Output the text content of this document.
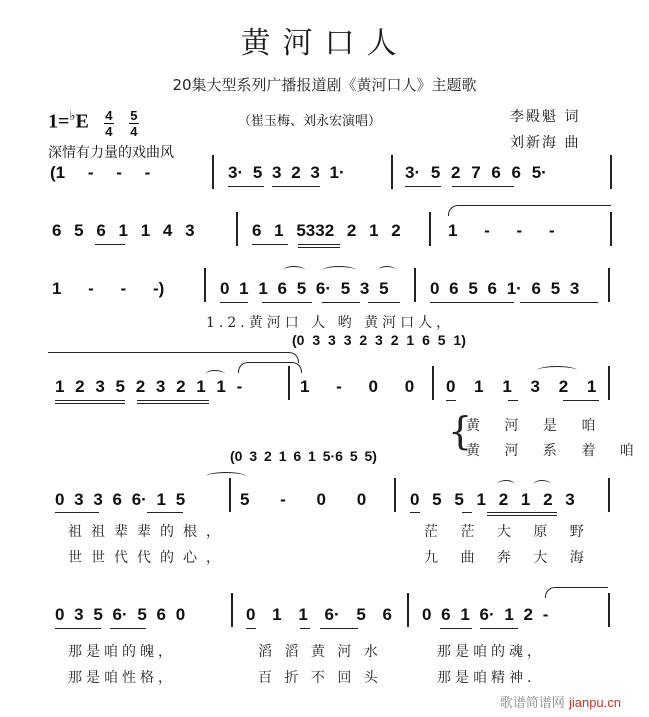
黄河口人
20集大型系列广播报道剧《黄河口人》主题歌
$1=^♭E \frac{4}{4} \frac{5}{4}$	（崔玉梅、刘永宏演唱）	李殿魁 词
刘新海 曲
深情有力量的戏曲风
(1 - - -	3· 5 3 2 3 1·	3· 5 2 7 6 6 5·
6 5 6 1 1 4 3	6 1 5332 2 1 2	1 - - -
1 - - -)	0 1 1 6 5 6· 5 3 5 0 6 5 6 1· 6 5 3
1.2.黄河口 人 哟 黄河口人，
(0 3 3 3 2 3 2 1 6 5 1)
1 2 3 5 2 3 2 1 1 -	1 - 0 0 0 1 1 3 2 1
{
黄 河 是 咱
黄 河 系 着 咱
(0 3 2 1 6 1 5·6 5 5)
0 3 3 6 6· 1 5	5 - 0 0	0 5 5 1 2 1 2 3
祖祖辈辈的根，
世世代代的心，
茫 茫 大 原 野
九 曲 奔 大 海
0 3 5 6· 5 6 0	0 1 1 6· 5 6 0 6 1 6· 1 2 -
那是咱的魄，
那是咱性格，
滔 滔 黄 河 水
百 折 不 回 头
那是咱的魂，
那是咱精神.
歌谱简谱网 jianpu.cn
